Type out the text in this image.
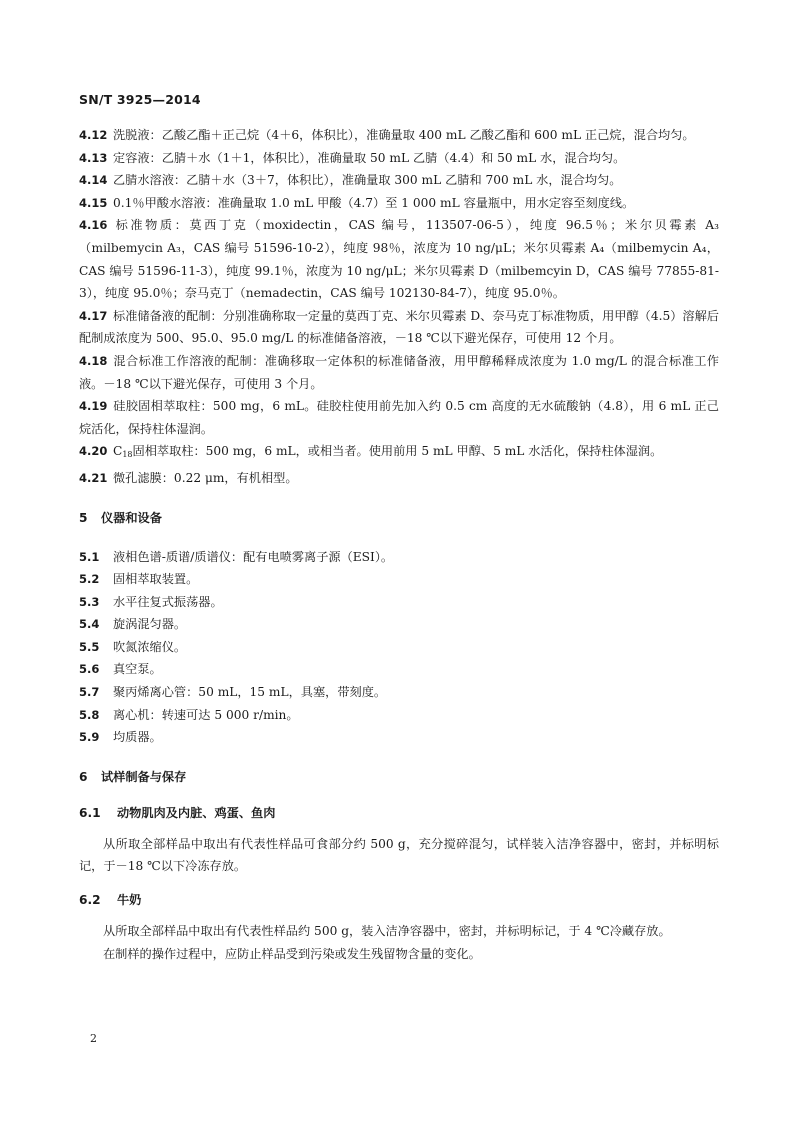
SN/T 3925—2014
4.12 洗脱液：乙酸乙酯＋正己烷（4＋6，体积比），准确量取 400 mL 乙酸乙酯和 600 mL 正己烷，混合均匀。
4.13 定容液：乙腈＋水（1＋1，体积比），准确量取 50 mL 乙腈（4.4）和 50 mL 水，混合均匀。
4.14 乙腈水溶液：乙腈＋水（3＋7，体积比），准确量取 300 mL 乙腈和 700 mL 水，混合均匀。
4.15 0.1％甲酸水溶液：准确量取 1.0 mL 甲酸（4.7）至 1 000 mL 容量瓶中，用水定容至刻度线。
4.16 标准物质：莫西丁克（moxidectin，CAS 编号，113507-06-5），纯度 96.5％；米尔贝霉素 A₃（milbemycin A₃，CAS 编号 51596-10-2），纯度 98％，浓度为 10 ng/μL；米尔贝霉素 A₄（milbemycin A₄，CAS 编号 51596-11-3），纯度 99.1％，浓度为 10 ng/μL；米尔贝霉素 D（milbemcyin D，CAS 编号 77855-81-3），纯度 95.0％；奈马克丁（nemadectin，CAS 编号 102130-84-7），纯度 95.0％。
4.17 标准储备液的配制：分别准确称取一定量的莫西丁克、米尔贝霉素 D、奈马克丁标准物质，用甲醇（4.5）溶解后配制成浓度为 500、95.0、95.0 mg/L 的标准储备溶液，－18 ℃以下避光保存，可使用 12 个月。
4.18 混合标准工作溶液的配制：准确移取一定体积的标准储备液，用甲醇稀释成浓度为 1.0 mg/L 的混合标准工作液。－18 ℃以下避光保存，可使用 3 个月。
4.19 硅胶固相萃取柱：500 mg，6 mL。硅胶柱使用前先加入约 0.5 cm 高度的无水硫酸钠（4.8），用 6 mL 正己烷活化，保持柱体湿润。
4.20 C18固相萃取柱：500 mg，6 mL，或相当者。使用前用 5 mL 甲醇、5 mL 水活化，保持柱体湿润。
4.21 微孔滤膜：0.22 μm，有机相型。
5 仪器和设备
5.1 液相色谱-质谱/质谱仪：配有电喷雾离子源（ESI）。
5.2 固相萃取装置。
5.3 水平往复式振荡器。
5.4 旋涡混匀器。
5.5 吹氮浓缩仪。
5.6 真空泵。
5.7 聚丙烯离心管：50 mL，15 mL，具塞，带刻度。
5.8 离心机：转速可达 5 000 r/min。
5.9 均质器。
6 试样制备与保存
6.1 动物肌肉及内脏、鸡蛋、鱼肉
从所取全部样品中取出有代表性样品可食部分约 500 g，充分搅碎混匀，试样装入洁净容器中，密封，并标明标记，于－18 ℃以下冷冻存放。
6.2 牛奶
从所取全部样品中取出有代表性样品约 500 g，装入洁净容器中，密封，并标明标记，于 4 ℃冷藏存放。
在制样的操作过程中，应防止样品受到污染或发生残留物含量的变化。
2
